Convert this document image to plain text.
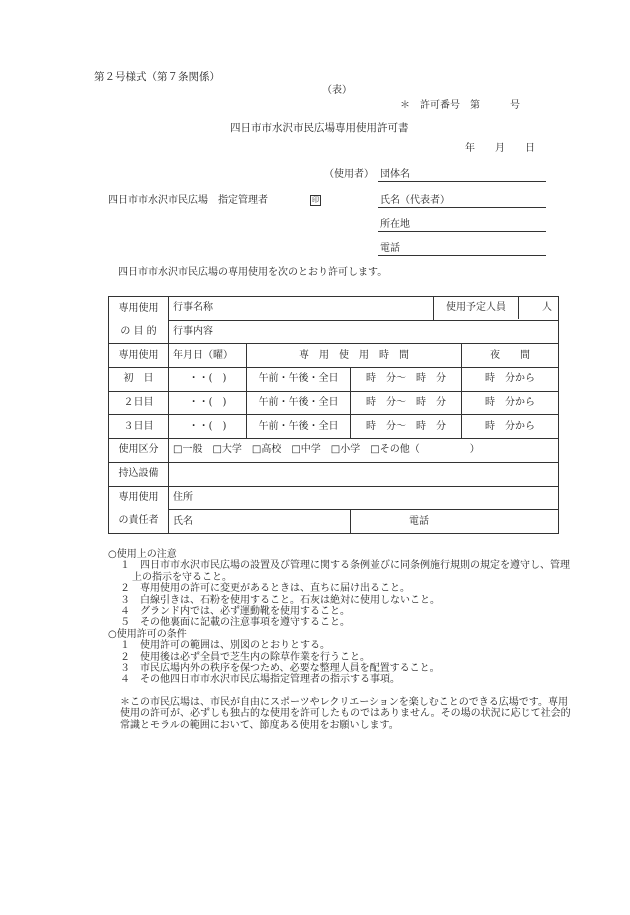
第２号様式（第７条関係）
（表）
＊　許可番号　第　　　号
四日市市水沢市民広場専用使用許可書
年　　月　　日
（使用者） 団体名
四日市市水沢市民広場　指定管理者	印	氏名（代表者）
所在地
電話
四日市市水沢市民広場の専用使用を次のとおり許可します。
専用使用	行事名称			使用予定人員 人	

の 目 的	行事内容				
専用使用	年月日（曜）	専　用　使　用　時　間			夜　　間
初　日	・・(　)	午前・午後・全日	時　分〜　時　分		時　分から
２日目	・・(　)	午前・午後・全日	時　分〜　時　分		時　分から
３日目	・・(　)	午前・午後・全日	時　分〜　時　分		時　分から
使用区分	□一般　□大学　□高校　□中学　□小学　□その他（　　　　　）				
持込設備					
専用使用	住所				
の責任者	氏名		電話		

○使用上の注意

１　四日市市水沢市民広場の設置及び管理に関する条例並びに同条例施行規則の規定を遵守し、管理上の指示を守ること。

２　専用使用の許可に変更があるときは、直ちに届け出ること。

３　白線引きは、石粉を使用すること。石灰は絶対に使用しないこと。

４　グランド内では、必ず運動靴を使用すること。

５　その他裏面に記載の注意事項を遵守すること。

○使用許可の条件

１　使用許可の範囲は、別図のとおりとする。

２　使用後は必ず全員で芝生内の除草作業を行うこと。

３　市民広場内外の秩序を保つため、必要な整理人員を配置すること。

４　その他四日市市水沢市民広場指定管理者の指示する事項。

＊この市民広場は、市民が自由にスポーツやレクリエーションを楽しむことのできる広場です。専用使用の許可が、必ずしも独占的な使用を許可したものではありません。その場の状況に応じて社会的常識とモラルの範囲において、節度ある使用をお願いします。
